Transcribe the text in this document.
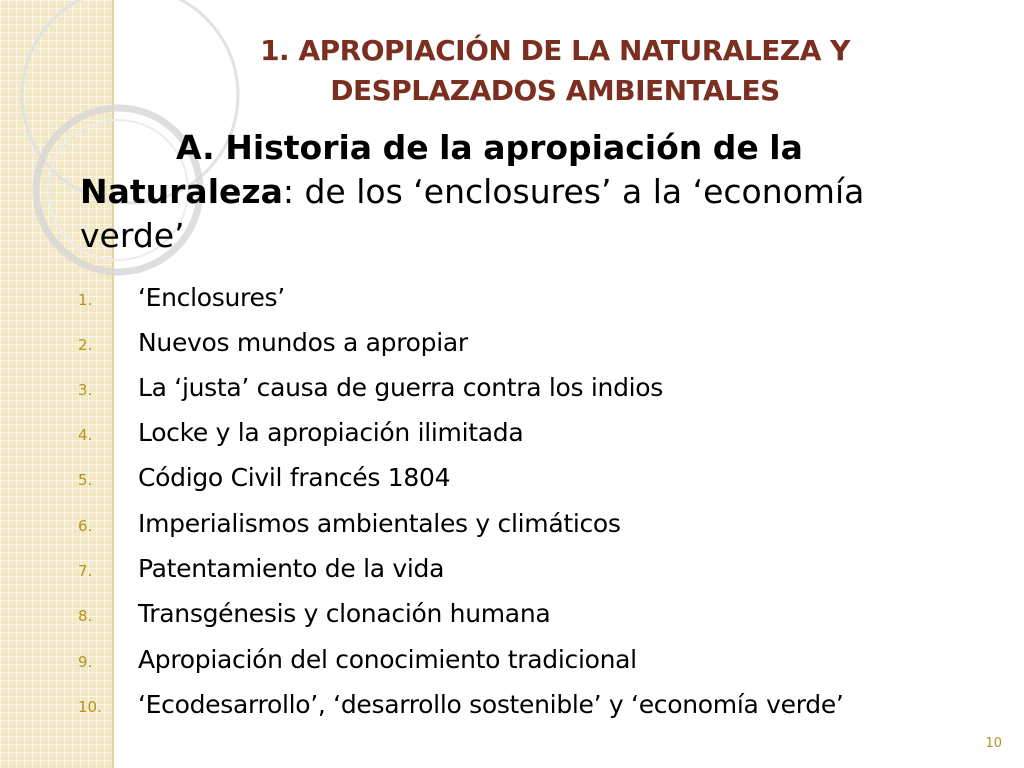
1. APROPIACIÓN DE LA NATURALEZA Y
DESPLAZADOS AMBIENTALES
A. Historia de la apropiación de la
Naturaleza: de los ‘enclosures’ a la ‘economía
verde’
1.	‘Enclosures’
2.	Nuevos mundos a apropiar
3.	La ‘justa’ causa de guerra contra los indios
4.	Locke y la apropiación ilimitada
5.	Código Civil francés 1804
6.	Imperialismos ambientales y climáticos
7.	Patentamiento de la vida
8.	Transgénesis y clonación humana
9.	Apropiación del conocimiento tradicional
10.	‘Ecodesarrollo’, ‘desarrollo sostenible’ y ‘economía verde’
10
